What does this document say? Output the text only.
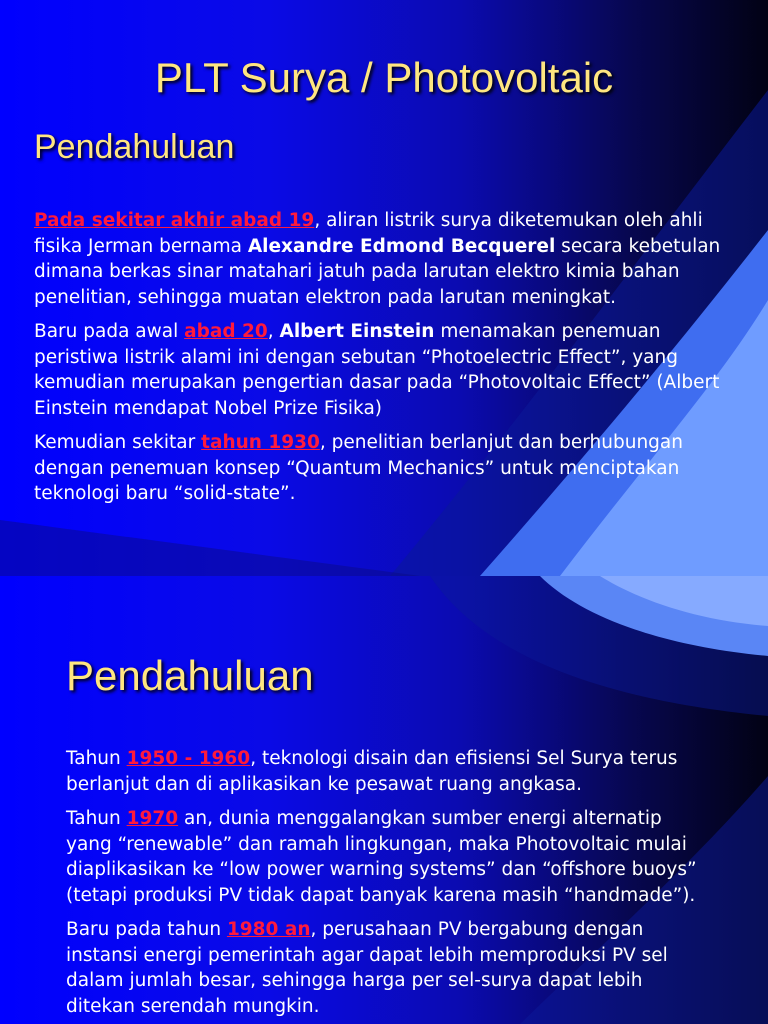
PLT Surya / Photovoltaic
Pendahuluan

Pada sekitar akhir abad 19, aliran listrik surya diketemukan oleh ahli
fisika Jerman bernama Alexandre Edmond Becquerel secara kebetulan
dimana berkas sinar matahari jatuh pada larutan elektro kimia bahan
penelitian, sehingga muatan elektron pada larutan meningkat.

Baru pada awal abad 20, Albert Einstein menamakan penemuan
peristiwa listrik alami ini dengan sebutan “Photoelectric Effect”, yang
kemudian merupakan pengertian dasar pada “Photovoltaic Effect” (Albert
Einstein mendapat Nobel Prize Fisika)

Kemudian sekitar tahun 1930, penelitian berlanjut dan berhubungan
dengan penemuan konsep “Quantum Mechanics” untuk menciptakan
teknologi baru “solid-state”.

Pendahuluan

Tahun 1950 - 1960, teknologi disain dan efisiensi Sel Surya terus
berlanjut dan di aplikasikan ke pesawat ruang angkasa.

Tahun 1970 an, dunia menggalangkan sumber energi alternatip
yang “renewable” dan ramah lingkungan, maka Photovoltaic mulai
diaplikasikan ke “low power warning systems” dan “offshore buoys”
(tetapi produksi PV tidak dapat banyak karena masih “handmade”).

Baru pada tahun 1980 an, perusahaan PV bergabung dengan
instansi energi pemerintah agar dapat lebih memproduksi PV sel
dalam jumlah besar, sehingga harga per sel-surya dapat lebih
ditekan serendah mungkin.
